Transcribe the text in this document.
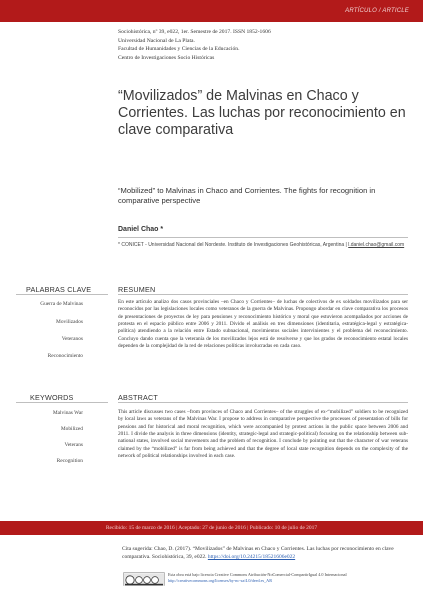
ARTÍCULO / ARTICLE
Sociohistórica, nº 39, e022, 1er. Semestre de 2017. ISSN 1852-1606
Universidad Nacional de La Plata.
Facultad de Humanidades y Ciencias de la Educación.
Centro de Investigaciones Socio Históricas
“Movilizados” de Malvinas en Chaco y Corrientes. Las luchas por reconocimiento en clave comparativa
“Mobilized” to Malvinas in Chaco and Corrientes. The fights for recognition in comparative perspective
Daniel Chao *
* CONICET - Universidad Nacional del Nordeste. Instituto de Investigaciones Geohistóricas, Argentina | l.daniel.chao@gmail.com
PALABRAS CLAVE	RESUMEN
Guerra de Malvinas
Movilizados
Veteranos
Reconocimiento
En este artículo analizo dos casos provinciales –en Chaco y Corrientes– de luchas de colectivos de ex soldados movilizados para ser reconocidos por las legislaciones locales como veteranos de la guerra de Malvinas. Propongo abordar en clave comparativa los procesos de presentaciones de proyectos de ley para pensiones y reconocimiento histórico y moral que estuvieron acompañados por acciones de protesta en el espacio público entre 2006 y 2011. Divido el análisis en tres dimensiones (identitaria, estratégica-legal y estratégica-política) atendiendo a la relación entre Estado subnacional, movimientos sociales intervinientes y el problema del reconocimiento. Concluyo dando cuenta que la veteranía de los movilizados lejos está de resolverse y que los grados de reconocimiento estatal locales dependen de la complejidad de la red de relaciones políticas involucradas en cada caso.
KEYWORDS	ABSTRACT
Malvinas War
Mobilized
Veterans
Recognition
This article discusses two cases –from provinces of Chaco and Corrientes– of the struggles of ex-“mobilized” soldiers to be recognized by local laws as veterans of the Malvinas War. I propose to address in comparative perspective the processes of presentation of bills for pensions and for historical and moral recognition, which were accompanied by protest actions in the public space between 2006 and 2011. I divide the analysis in three dimensions (identity, strategic-legal and strategic-political) focusing on the relationship between sub-national states, involved social movements and the problem of recognition. I conclude by pointing out that the character of war veterans claimed by the “mobilized” is far from being achieved and that the degree of local state recognition depends on the complexity of the network of political relationships involved in each case.
Recibido: 15 de marzo de 2016 | Aceptado: 27 de junio de 2016 | Publicado: 10 de julio de 2017
Cita sugerida: Chao, D. (2017). “Movilizados” de Malvinas en Chaco y Corrientes. Las luchas por reconocimiento en clave comparativa. Sociohistórica, 39, e022. https://doi.org/10.24215/18521606e022
Esta obra está bajo licencia Creative Commons Atribución-NoComercial-CompartirIgual 4.0 Internacional
http://creativecommons.org/licenses/by-nc-sa/4.0/deed.es_AR
